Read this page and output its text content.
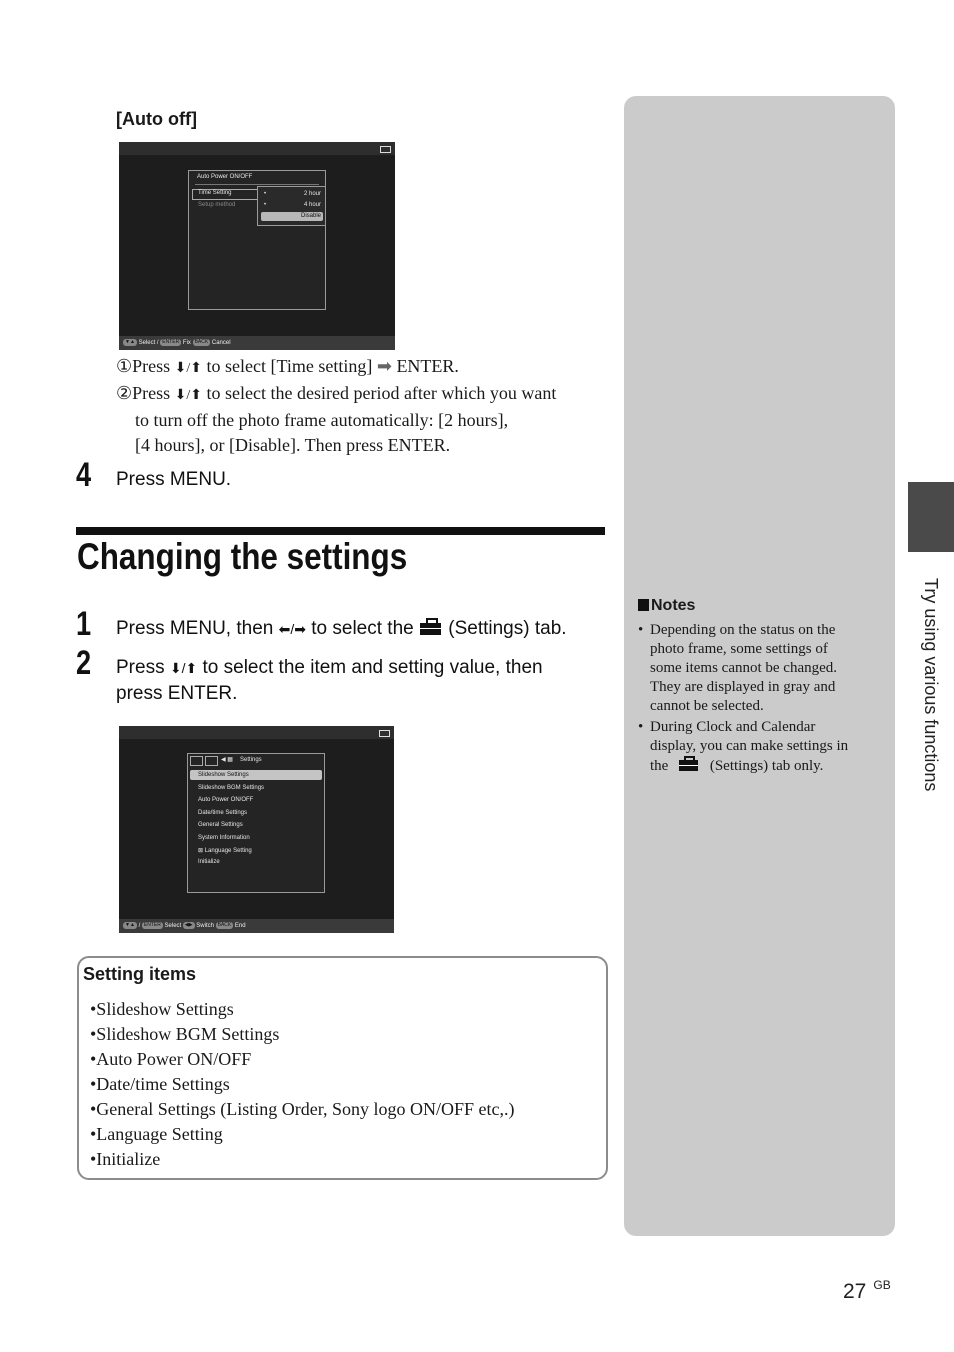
[Auto off]
Auto Power ON/OFF
Time Setting
Setup method
2 hour
4 hour
Disable
•
•
▼▲ Select / ENTER Fix BACK Cancel
①Press ⬇/⬆ to select [Time setting] ➡ ENTER.
②Press ⬇/⬆ to select the desired period after which you want
to turn off the photo frame automatically: [2 hours],
[4 hours], or [Disable]. Then press ENTER.
4 Press MENU.
Changing the settings
1 Press MENU, then ⬅/➡ to select the
(Settings) tab.
2 Press ⬇/⬆ to select the item and setting value, then
press ENTER.
◀ ▦ Settings
Slideshow Settings
Slideshow BGM Settings
Auto Power ON/OFF
Date/time Settings
General Settings
System Information
⊠ Language Setting
Initialize
▼▲ / ENTER Select ◀▶ Switch BACK End
Setting items
•Slideshow Settings
•Slideshow BGM Settings
•Auto Power ON/OFF
•Date/time Settings
•General Settings (Listing Order, Sony logo ON/OFF etc,.)
•Language Setting
•Initialize
Notes
• Depending on the status on the
photo frame, some settings of
some items cannot be changed.
They are displayed in gray and
cannot be selected.
• During Clock and Calendar
display, you can make settings in
the
(Settings) tab only.	Try using various functions
27 $^{GB}$
